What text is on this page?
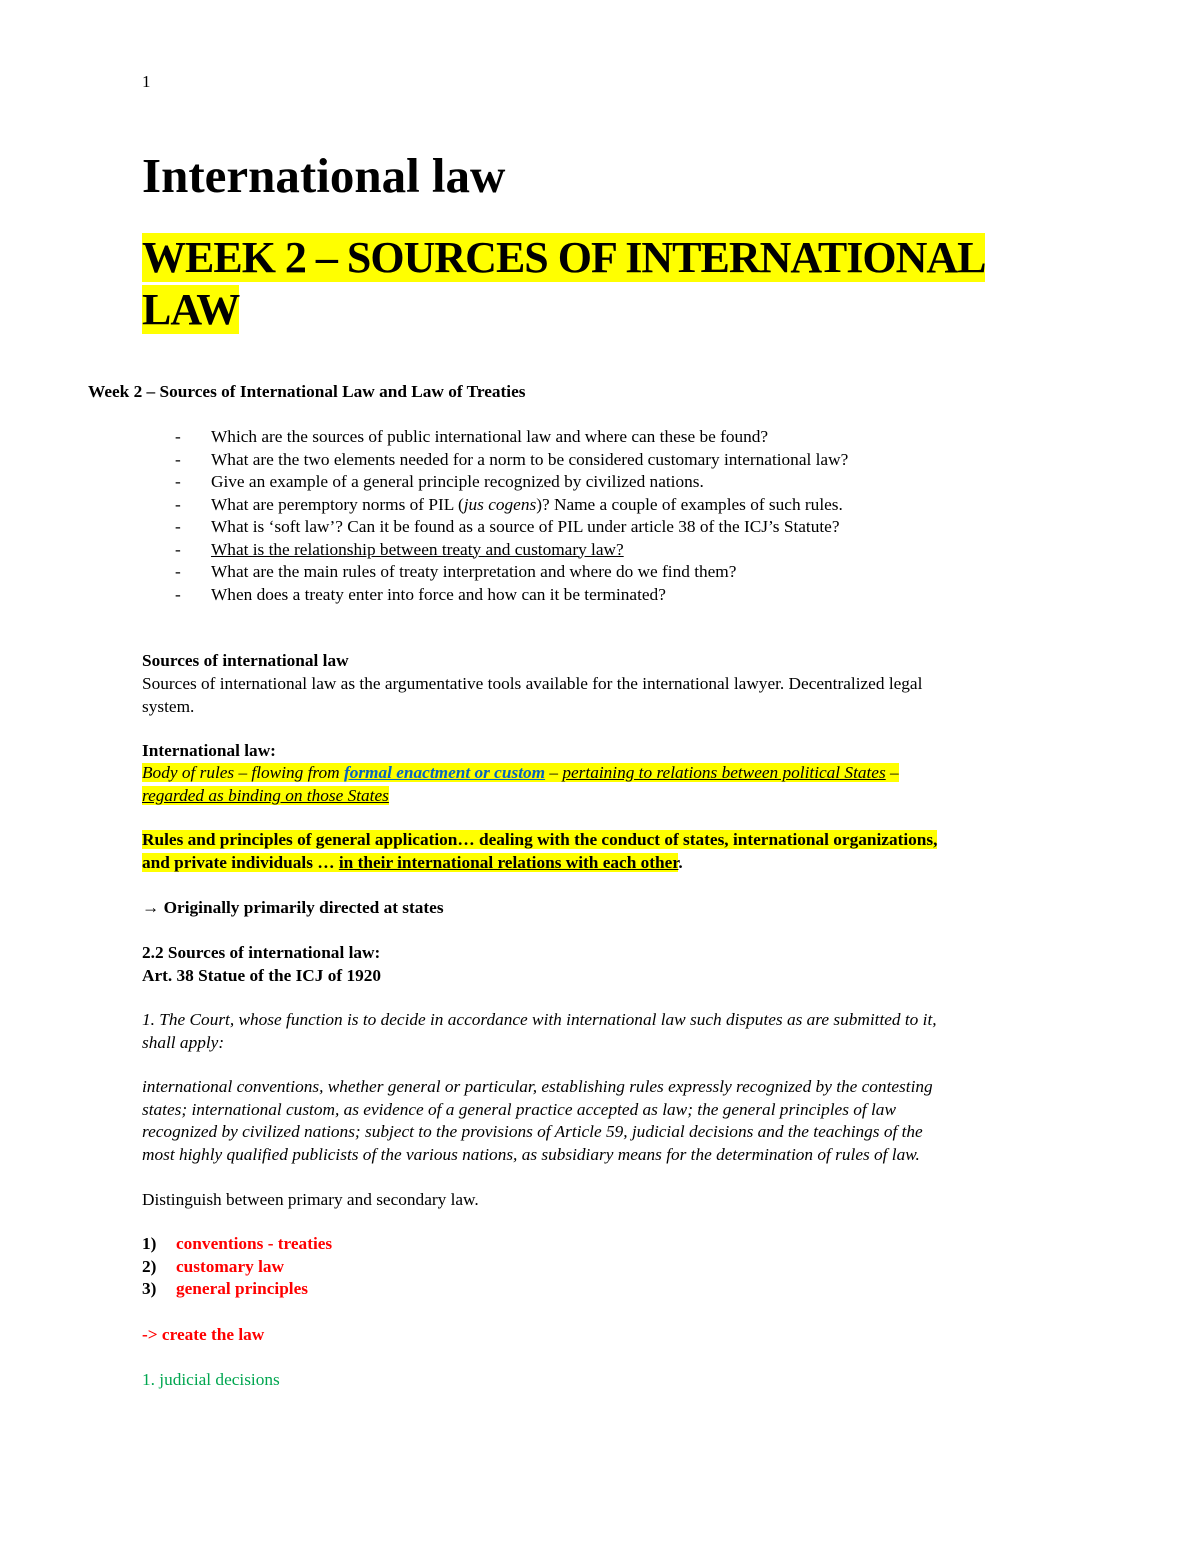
1
International law
WEEK 2 – SOURCES OF INTERNATIONAL
LAW
Week 2 – Sources of International Law and Law of Treaties
- Which are the sources of public international law and where can these be found?
- What are the two elements needed for a norm to be considered customary international law?
- Give an example of a general principle recognized by civilized nations.
- What are peremptory norms of PIL (jus cogens)? Name a couple of examples of such rules.
- What is ‘soft law’? Can it be found as a source of PIL under article 38 of the ICJ’s Statute?
- What is the relationship between treaty and customary law?
- What are the main rules of treaty interpretation and where do we find them?
- When does a treaty enter into force and how can it be terminated?
Sources of international law
Sources of international law as the argumentative tools available for the international lawyer. Decentralized legal
system.
International law:
Body of rules – flowing from formal enactment or custom – pertaining to relations between political States –
regarded as binding on those States
Rules and principles of general application… dealing with the conduct of states, international organizations,
and private individuals … in their international relations with each other.
→ Originally primarily directed at states
2.2 Sources of international law:
Art. 38 Statue of the ICJ of 1920
1. The Court, whose function is to decide in accordance with international law such disputes as are submitted to it,
shall apply:
international conventions, whether general or particular, establishing rules expressly recognized by the contesting
states; international custom, as evidence of a general practice accepted as law; the general principles of law
recognized by civilized nations; subject to the provisions of Article 59, judicial decisions and the teachings of the
most highly qualified publicists of the various nations, as subsidiary means for the determination of rules of law.
Distinguish between primary and secondary law.
1) conventions - treaties
2) customary law
3) general principles
-> create the law
1. judicial decisions
